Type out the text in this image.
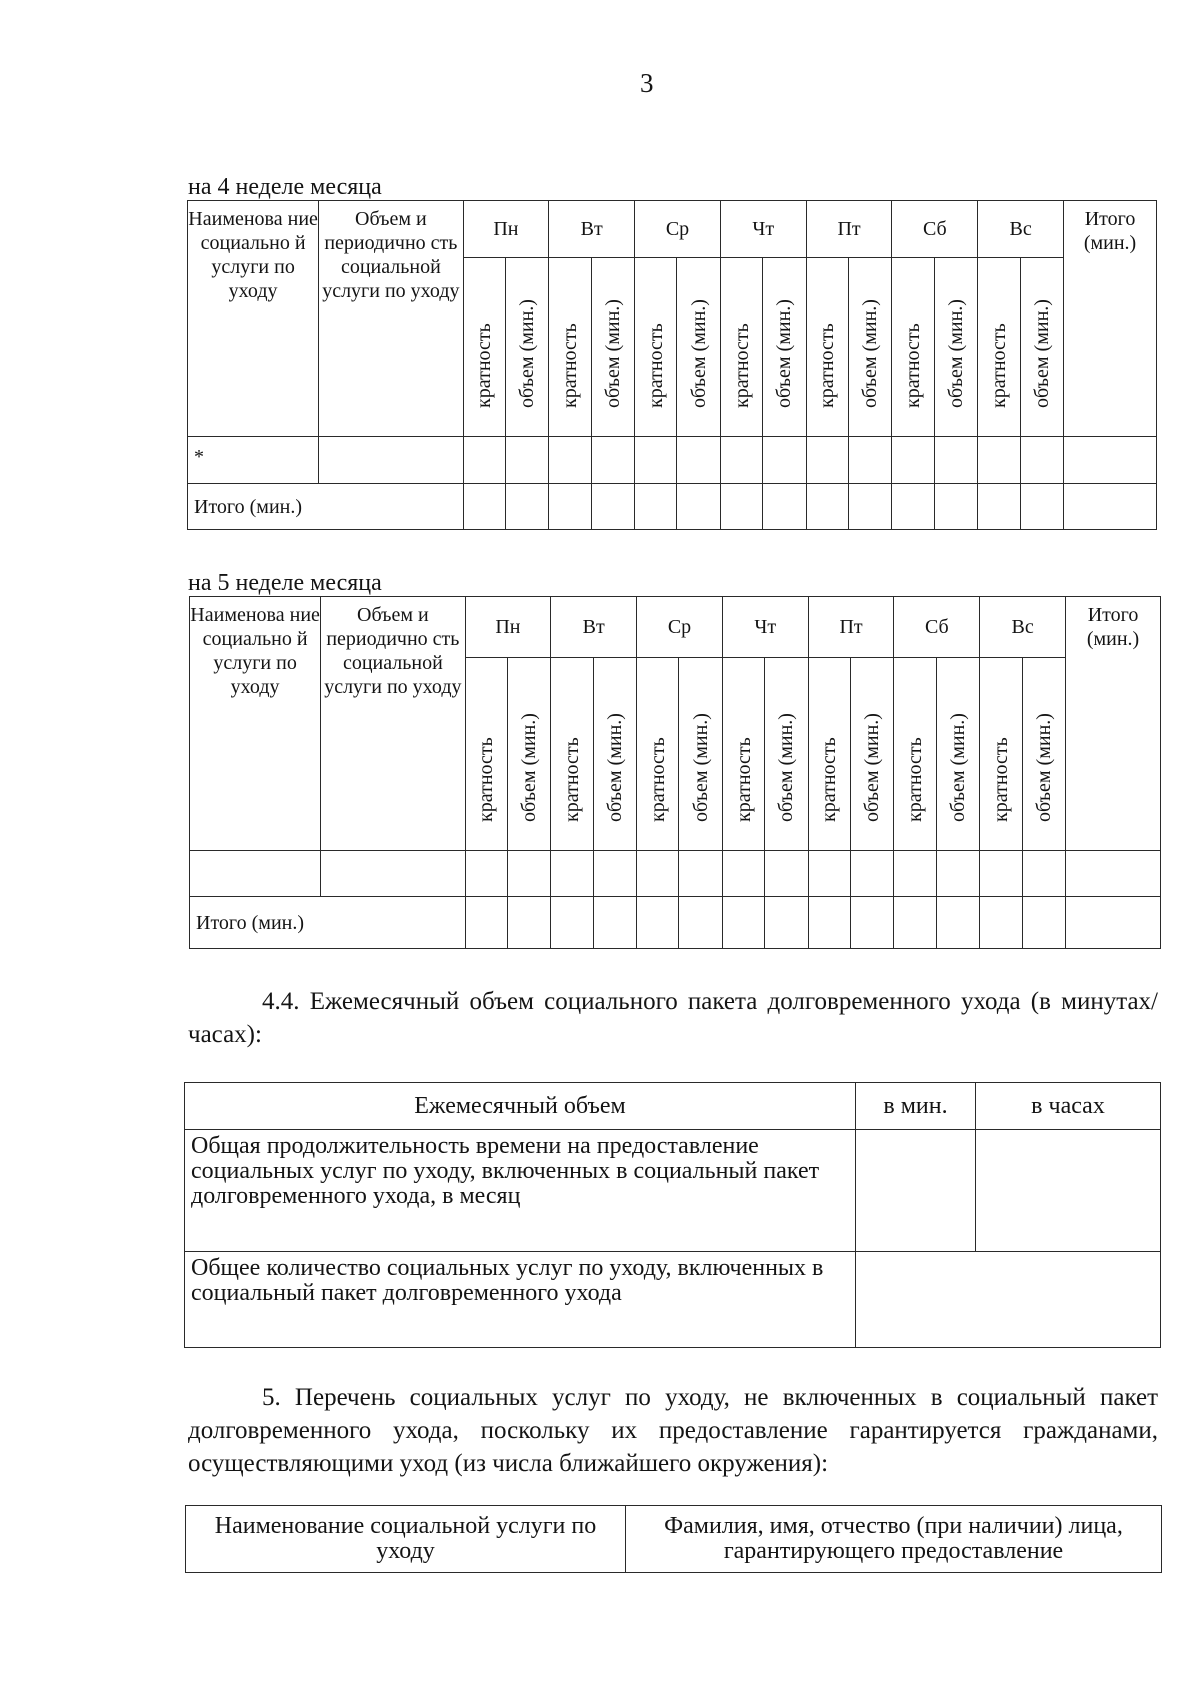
3
на 4 неделе месяца
Наименова ние социально й услуги по уходу	Объем и периодично сть социальной услуги по уходу	Пн		Вт		Ср		Чт		Пт		Сб		Вс		Итого (мин.)

		кратность	объем (мин.)	кратность	объем (мин.)	кратность	объем (мин.)	кратность	объем (мин.)	кратность	объем (мин.)	кратность	объем (мин.)	кратность	объем (мин.)	

*																
Итого (мин.)																
на 5 неделе месяца
Наименова ние социально й услуги по уходу	Объем и периодично сть социальной услуги по уходу	Пн		Вт		Ср		Чт		Пт		Сб		Вс		Итого (мин.)

		кратность	объем (мин.)	кратность	объем (мин.)	кратность	объем (мин.)	кратность	объем (мин.)	кратность	объем (мин.)	кратность	объем (мин.)	кратность	объем (мин.)	

Итого (мин.)																
4.4. Ежемесячный объем социального пакета долговременного ухода (в минутах/часах):
Ежемесячный объем	в мин.	в часах
Общая продолжительность времени на предоставление социальных услуг по уходу, включенных в социальный пакет долговременного ухода, в месяц		
Общее количество социальных услуг по уходу, включенных в социальный пакет долговременного ухода		
5. Перечень социальных услуг по уходу, не включенных в социальный пакет долговременного ухода, поскольку их предоставление гарантируется гражданами, осуществляющими уход (из числа ближайшего окружения):
Наименование социальной услуги по уходу	Фамилия, имя, отчество (при наличии) лица, гарантирующего предоставление
